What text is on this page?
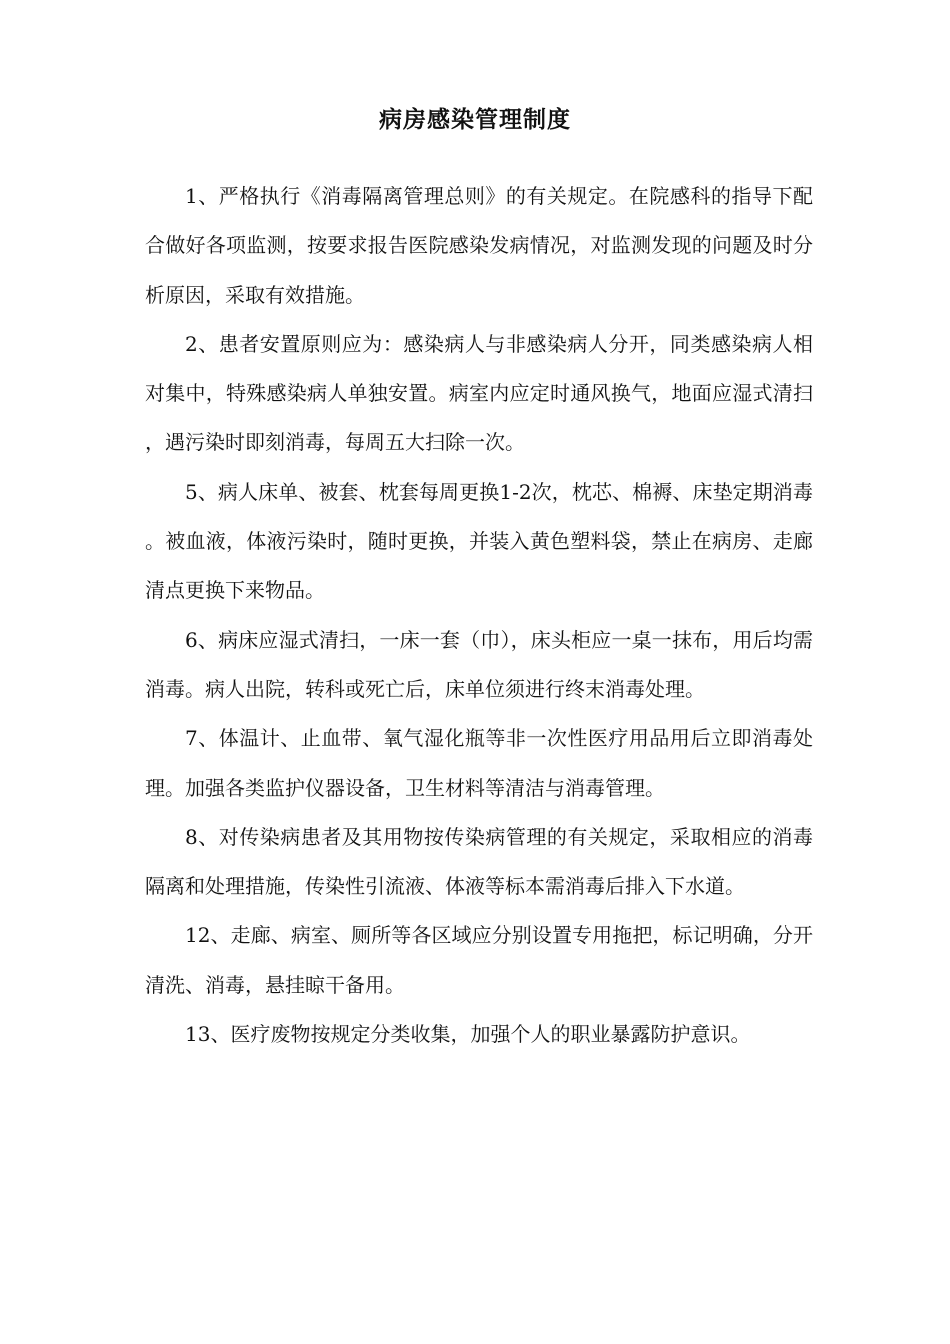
病房感染管理制度

1、严格执行《消毒隔离管理总则》的有关规定。在院感科的指导下配合做好各项监测，按要求报告医院感染发病情况，对监测发现的问题及时分析原因，采取有效措施。

2、患者安置原则应为：感染病人与非感染病人分开，同类感染病人相对集中，特殊感染病人单独安置。病室内应定时通风换气，地面应湿式清扫，遇污染时即刻消毒，每周五大扫除一次。

5、病人床单、被套、枕套每周更换1-2次，枕芯、棉褥、床垫定期消毒。被血液，体液污染时，随时更换，并装入黄色塑料袋，禁止在病房、走廊清点更换下来物品。

6、病床应湿式清扫，一床一套（巾），床头柜应一桌一抹布，用后均需消毒。病人出院，转科或死亡后，床单位须进行终末消毒处理。

7、体温计、止血带、氧气湿化瓶等非一次性医疗用品用后立即消毒处理。加强各类监护仪器设备，卫生材料等清洁与消毒管理。

8、对传染病患者及其用物按传染病管理的有关规定，采取相应的消毒隔离和处理措施，传染性引流液、体液等标本需消毒后排入下水道。

12、走廊、病室、厕所等各区域应分别设置专用拖把，标记明确，分开清洗、消毒，悬挂晾干备用。

13、医疗废物按规定分类收集，加强个人的职业暴露防护意识。
